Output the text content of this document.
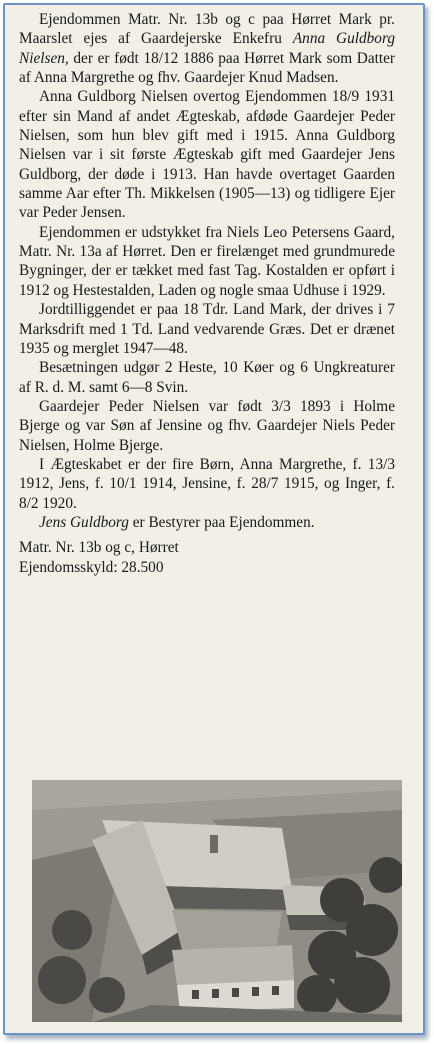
Ejendommen Matr. Nr. 13b og c paa Hørret Mark pr. Maarslet ejes af Gaardejerske Enkefru Anna Guldborg Nielsen, der er født 18/12 1886 paa Hørret Mark som Datter af Anna Margrethe og fhv. Gaardejer Knud Madsen.

Anna Guldborg Nielsen overtog Ejendommen 18/9 1931 efter sin Mand af andet Ægteskab, afdøde Gaardejer Peder Nielsen, som hun blev gift med i 1915. Anna Guldborg Nielsen var i sit første Ægteskab gift med Gaardejer Jens Guldborg, der døde i 1913. Han havde overtaget Gaarden samme Aar efter Th. Mikkelsen (1905—13) og tidligere Ejer var Peder Jensen.

Ejendommen er udstykket fra Niels Leo Petersens Gaard, Matr. Nr. 13a af Hørret. Den er firelænget med grundmurede Bygninger, der er tækket med fast Tag. Kostalden er opført i 1912 og Hestestalden, Laden og nogle smaa Udhuse i 1929.

Jordtilliggendet er paa 18 Tdr. Land Mark, der drives i 7 Marksdrift med 1 Td. Land vedvarende Græs. Det er drænet 1935 og merglet 1947—48.

Besætningen udgør 2 Heste, 10 Køer og 6 Ungkreaturer af R. d. M. samt 6—8 Svin.

Gaardejer Peder Nielsen var født 3/3 1893 i Holme Bjerge og var Søn af Jensine og fhv. Gaardejer Niels Peder Nielsen, Holme Bjerge.

I Ægteskabet er der fire Børn, Anna Margrethe, f. 13/3 1912, Jens, f. 10/1 1914, Jensine, f. 28/7 1915, og Inger, f. 8/2 1920.

Jens Guldborg er Bestyrer paa Ejendommen.

Matr. Nr. 13b og c, Hørret

Ejendomsskyld: 28.500
